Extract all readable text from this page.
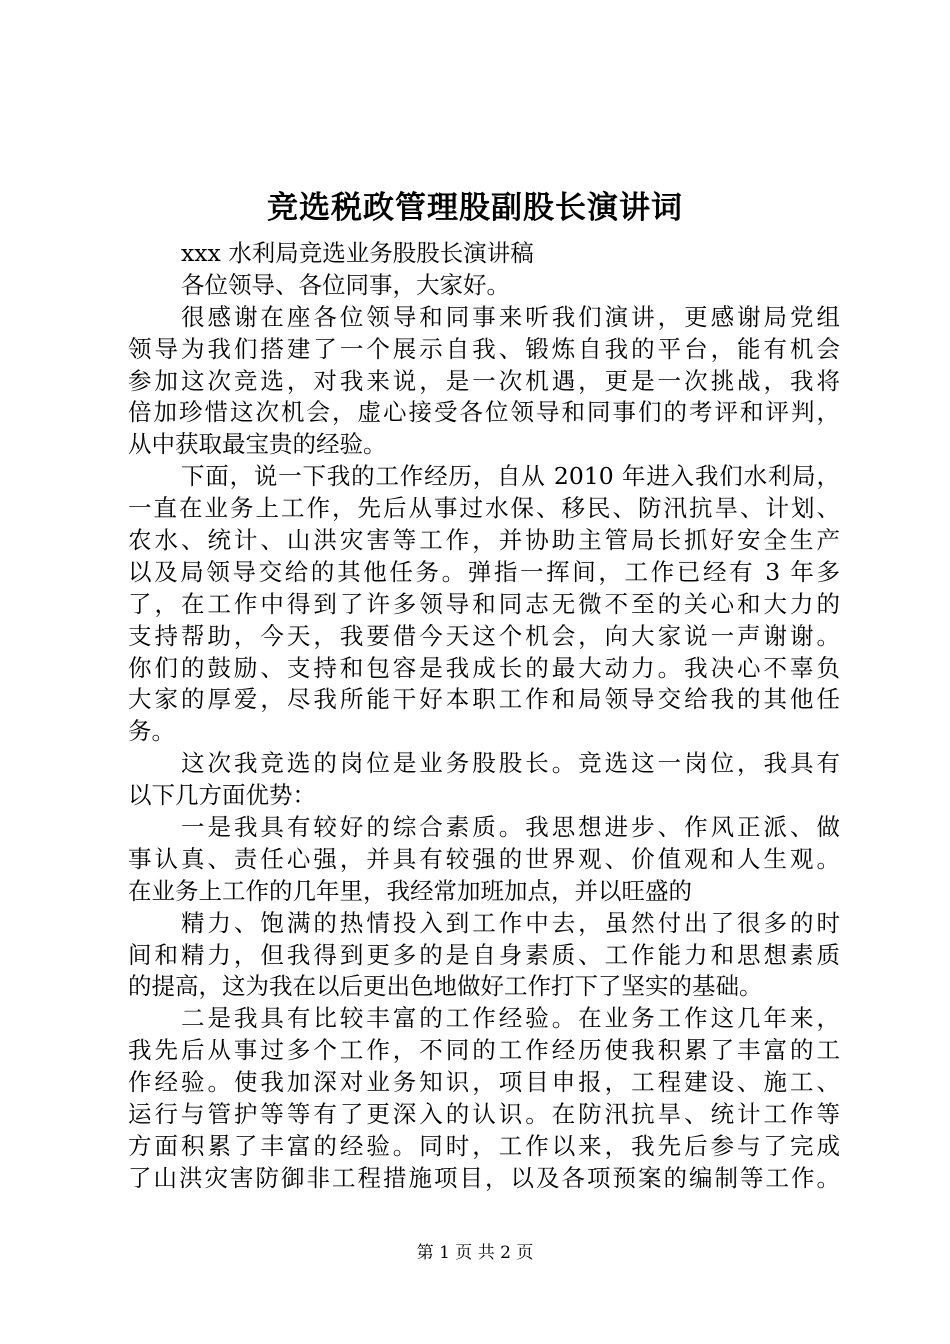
竞选税政管理股副股长演讲词
xxx 水利局竞选业务股股长演讲稿
各位领导、各位同事，大家好。
很感谢在座各位领导和同事来听我们演讲，更感谢局党组
领导为我们搭建了一个展示自我、锻炼自我的平台，能有机会
参加这次竞选，对我来说，是一次机遇，更是一次挑战，我将
倍加珍惜这次机会，虚心接受各位领导和同事们的考评和评判，
从中获取最宝贵的经验。
下面，说一下我的工作经历，自从 2010 年进入我们水利局，
一直在业务上工作，先后从事过水保、移民、防汛抗旱、计划、
农水、统计、山洪灾害等工作，并协助主管局长抓好安全生产
以及局领导交给的其他任务。弹指一挥间，工作已经有 3 年多
了，在工作中得到了许多领导和同志无微不至的关心和大力的
支持帮助，今天，我要借今天这个机会，向大家说一声谢谢。
你们的鼓励、支持和包容是我成长的最大动力。我决心不辜负
大家的厚爱，尽我所能干好本职工作和局领导交给我的其他任
务。
这次我竞选的岗位是业务股股长。竞选这一岗位，我具有
以下几方面优势：
一是我具有较好的综合素质。我思想进步、作风正派、做
事认真、责任心强，并具有较强的世界观、价值观和人生观。
在业务上工作的几年里，我经常加班加点，并以旺盛的
精力、饱满的热情投入到工作中去，虽然付出了很多的时
间和精力，但我得到更多的是自身素质、工作能力和思想素质
的提高，这为我在以后更出色地做好工作打下了坚实的基础。
二是我具有比较丰富的工作经验。在业务工作这几年来，
我先后从事过多个工作，不同的工作经历使我积累了丰富的工
作经验。使我加深对业务知识，项目申报，工程建设、施工、
运行与管护等等有了更深入的认识。在防汛抗旱、统计工作等
方面积累了丰富的经验。同时，工作以来，我先后参与了完成
了山洪灾害防御非工程措施项目，以及各项预案的编制等工作。

第 1 页 共 2 页
